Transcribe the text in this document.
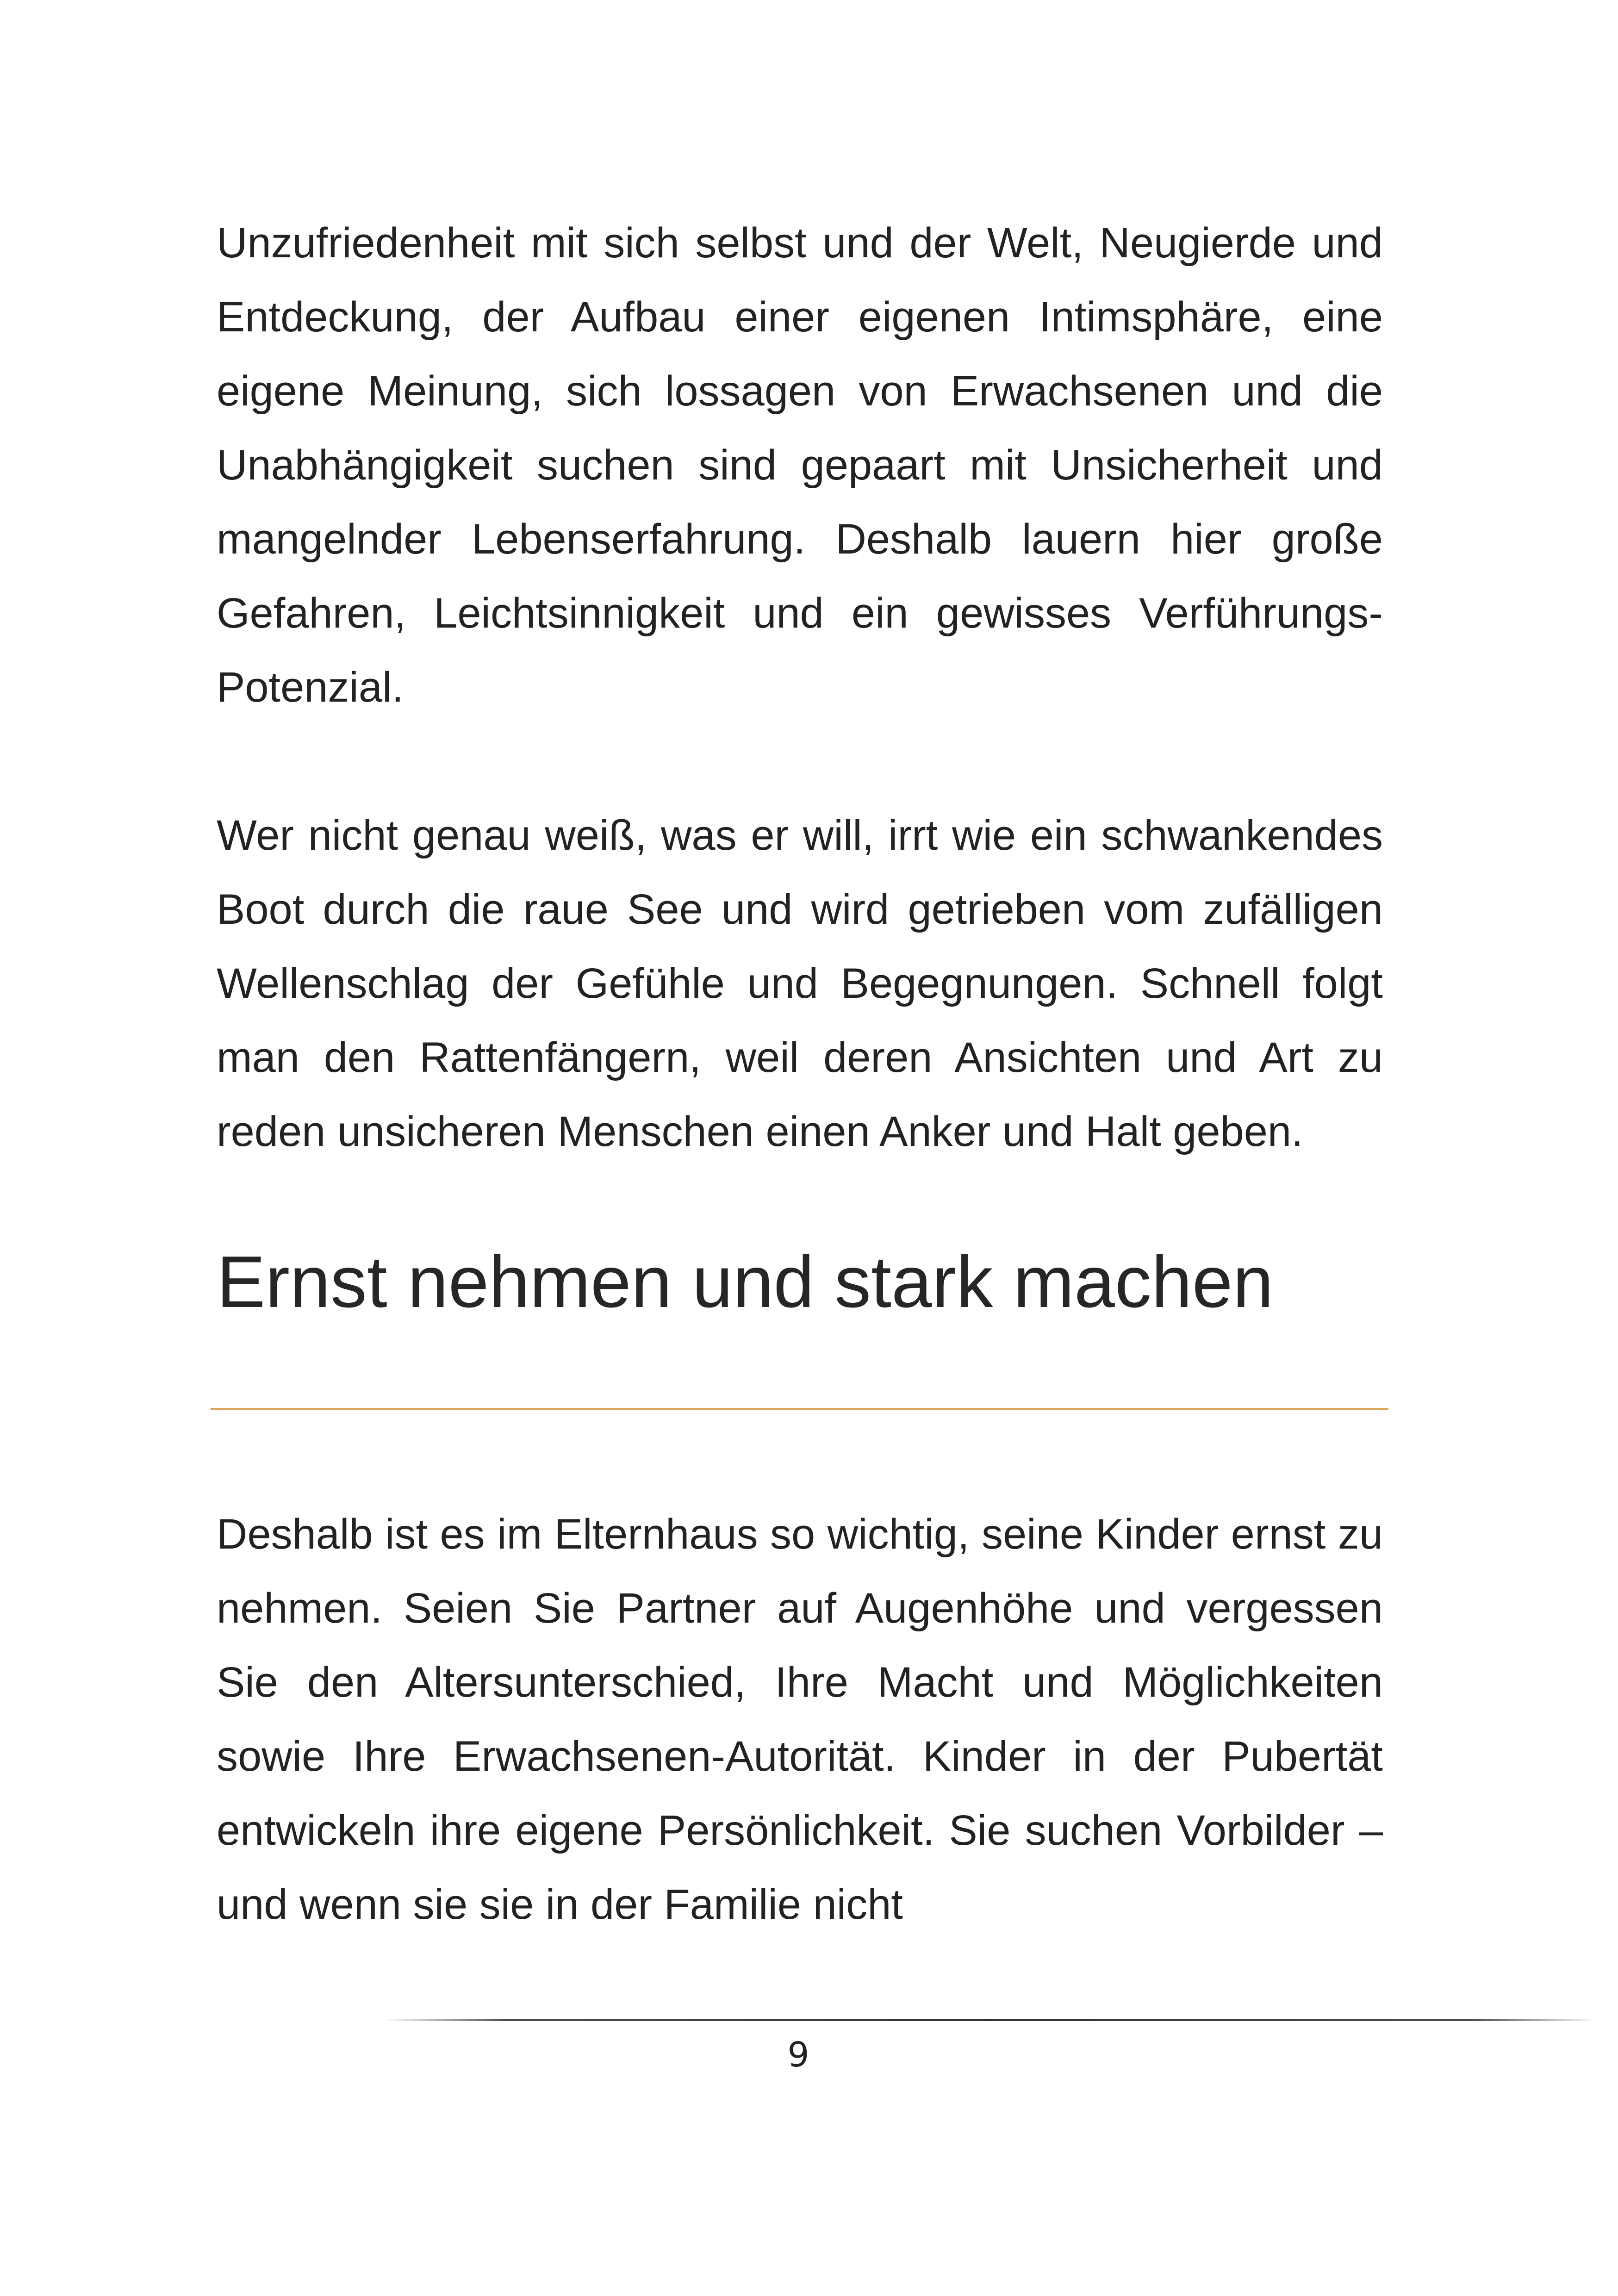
Unzufriedenheit mit sich selbst und der Welt, Neugierde und Entdeckung, der Aufbau einer eigenen Intimsphäre, eine eigene Meinung, sich lossagen von Erwachsenen und die Unabhängigkeit suchen sind gepaart mit Unsicherheit und mangelnder Lebenserfahrung. Deshalb lauern hier große Gefahren, Leichtsinnigkeit und ein gewisses Verführungs-Potenzial.

Wer nicht genau weiß, was er will, irrt wie ein schwankendes Boot durch die raue See und wird getrieben vom zufälligen Wellenschlag der Gefühle und Begegnungen. Schnell folgt man den Rattenfängern, weil deren Ansichten und Art zu reden unsicheren Menschen einen Anker und Halt geben.

Ernst nehmen und stark machen

Deshalb ist es im Elternhaus so wichtig, seine Kinder ernst zu nehmen. Seien Sie Partner auf Augenhöhe und vergessen Sie den Altersunterschied, Ihre Macht und Möglichkeiten sowie Ihre Erwachsenen-Autorität. Kinder in der Pubertät entwickeln ihre eigene Persönlichkeit. Sie suchen Vorbilder – und wenn sie sie in der Familie nicht

9
